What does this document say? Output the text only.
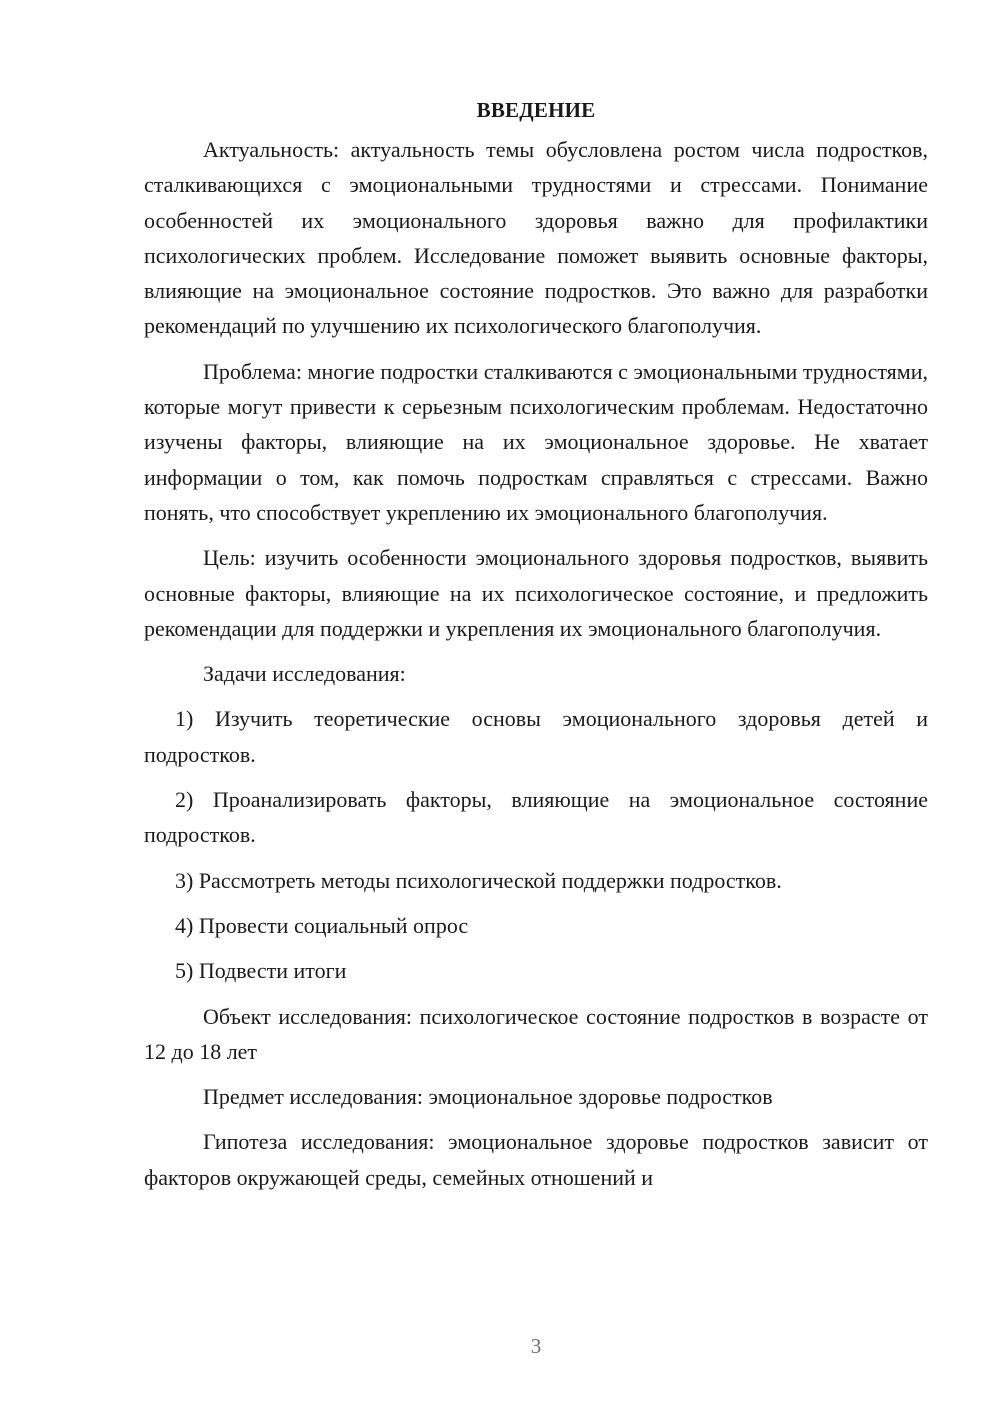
ВВЕДЕНИЕ

Актуальность: актуальность темы обусловлена ростом числа подростков, сталкивающихся с эмоциональными трудностями и стрессами. Понимание особенностей их эмоционального здоровья важно для профилактики психологических проблем. Исследование поможет выявить основные факторы, влияющие на эмоциональное состояние подростков. Это важно для разработки рекомендаций по улучшению их психологического благополучия.

Проблема: многие подростки сталкиваются с эмоциональными трудностями, которые могут привести к серьезным психологическим проблемам. Недостаточно изучены факторы, влияющие на их эмоциональное здоровье. Не хватает информации о том, как помочь подросткам справляться с стрессами. Важно понять, что способствует укреплению их эмоционального благополучия.

Цель: изучить особенности эмоционального здоровья подростков, выявить основные факторы, влияющие на их психологическое состояние, и предложить рекомендации для поддержки и укрепления их эмоционального благополучия.

Задачи исследования:

1) Изучить теоретические основы эмоционального здоровья детей и подростков.

2) Проанализировать факторы, влияющие на эмоциональное состояние подростков.

3) Рассмотреть методы психологической поддержки подростков.

4) Провести социальный опрос

5) Подвести итоги

Объект исследования: психологическое состояние подростков в возрасте от 12 до 18 лет

Предмет исследования: эмоциональное здоровье подростков

Гипотеза исследования: эмоциональное здоровье подростков зависит от факторов окружающей среды, семейных отношений и

3
